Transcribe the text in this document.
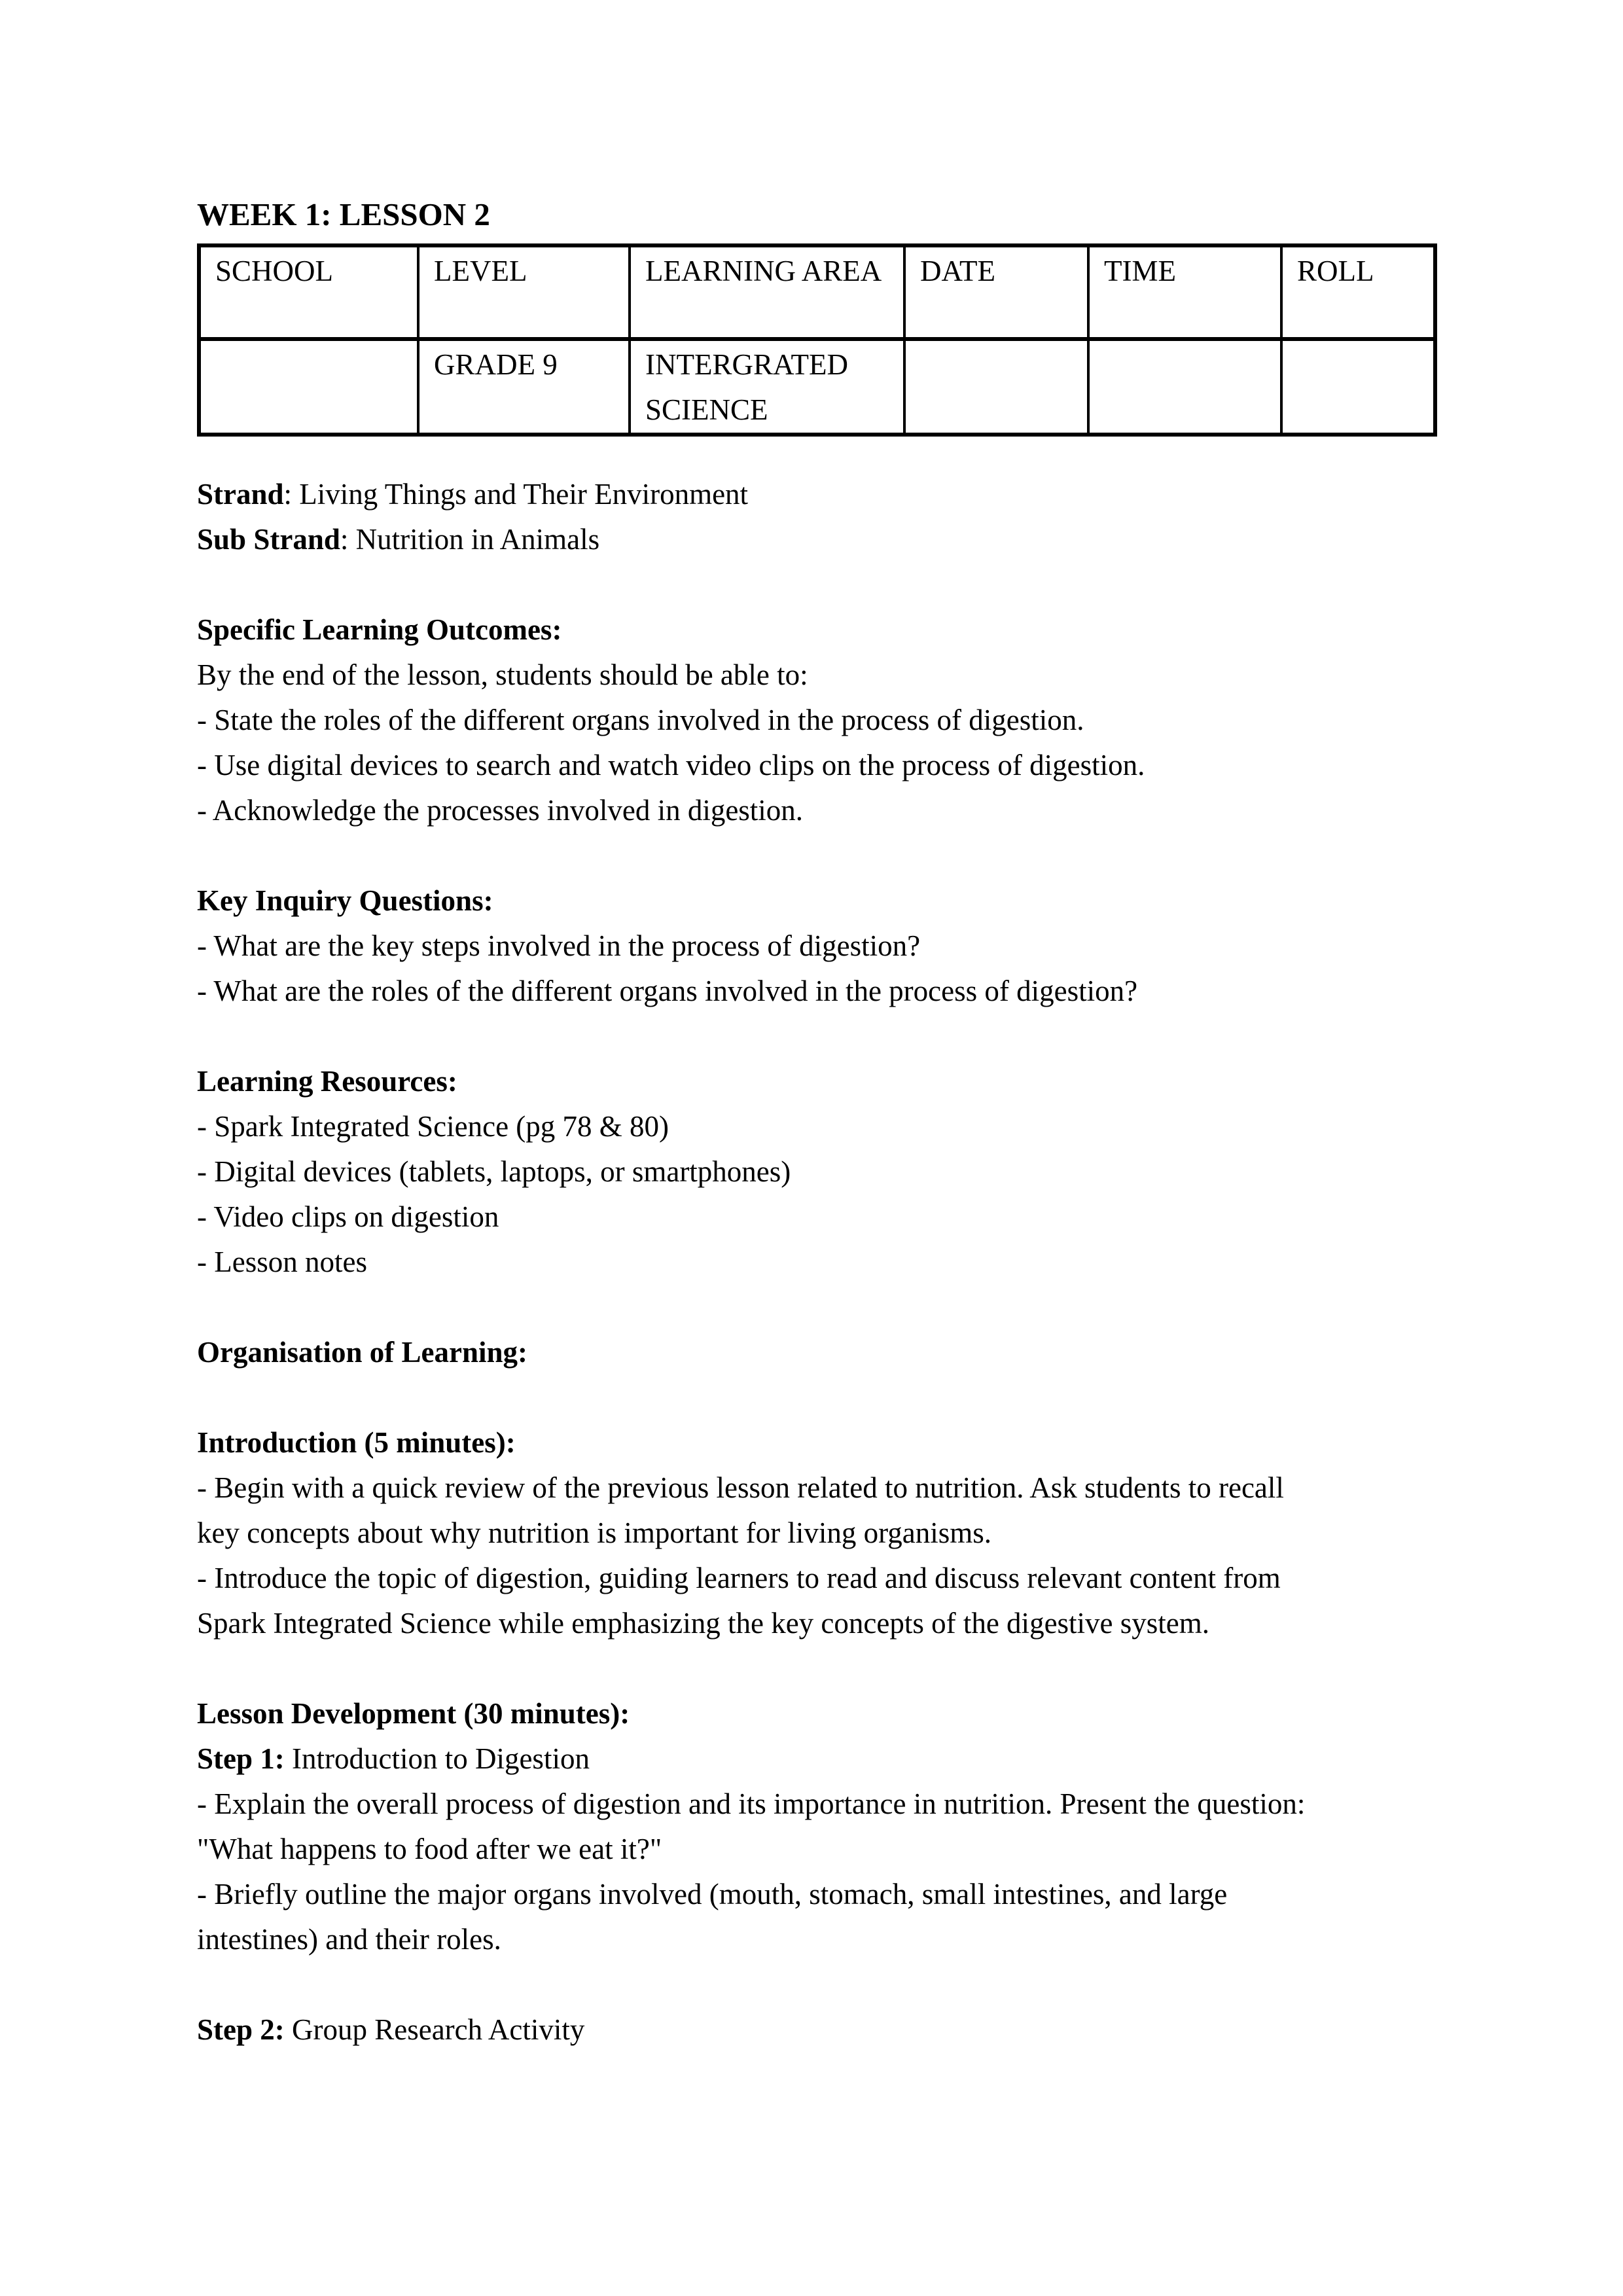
WEEK 1: LESSON 2
SCHOOL	LEVEL	LEARNING AREA	DATE	TIME	ROLL
	GRADE 9	INTERGRATED SCIENCE			
Strand: Living Things and Their Environment
Sub Strand: Nutrition in Animals
Specific Learning Outcomes:
By the end of the lesson, students should be able to:
- State the roles of the different organs involved in the process of digestion.
- Use digital devices to search and watch video clips on the process of digestion.
- Acknowledge the processes involved in digestion.
Key Inquiry Questions:
- What are the key steps involved in the process of digestion?
- What are the roles of the different organs involved in the process of digestion?
Learning Resources:
- Spark Integrated Science (pg 78 & 80)
- Digital devices (tablets, laptops, or smartphones)
- Video clips on digestion
- Lesson notes
Organisation of Learning:
Introduction (5 minutes):
- Begin with a quick review of the previous lesson related to nutrition. Ask students to recall
key concepts about why nutrition is important for living organisms.
- Introduce the topic of digestion, guiding learners to read and discuss relevant content from
Spark Integrated Science while emphasizing the key concepts of the digestive system.
Lesson Development (30 minutes):
Step 1: Introduction to Digestion
- Explain the overall process of digestion and its importance in nutrition. Present the question:
"What happens to food after we eat it?"
- Briefly outline the major organs involved (mouth, stomach, small intestines, and large
intestines) and their roles.
Step 2: Group Research Activity
